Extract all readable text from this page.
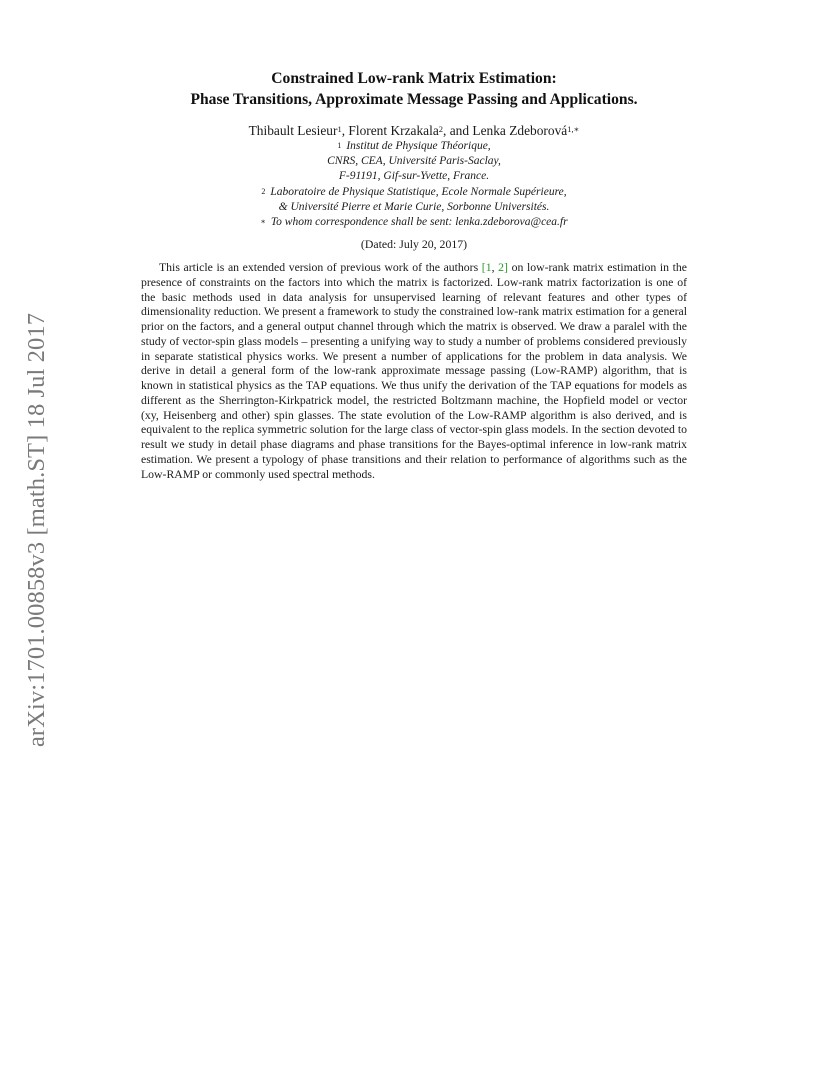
arXiv:1701.00858v3 [math.ST] 18 Jul 2017
Constrained Low-rank Matrix Estimation:
Phase Transitions, Approximate Message Passing and Applications.
Thibault Lesieur$^1$, Florent Krzakala$^2$, and Lenka Zdeborová$^{1,∗}$
$^1$ Institut de Physique Théorique,
CNRS, CEA, Université Paris-Saclay,
F-91191, Gif-sur-Yvette, France.
$^2$ Laboratoire de Physique Statistique, Ecole Normale Supérieure,
& Université Pierre et Marie Curie, Sorbonne Universités.
∗ To whom correspondence shall be sent: lenka.zdeborova@cea.fr
(Dated: July 20, 2017)
This article is an extended version of previous work of the authors [1, 2] on low-rank matrix estimation in the presence of constraints on the factors into which the matrix is factorized. Low-rank matrix factorization is one of the basic methods used in data analysis for unsupervised learning of relevant features and other types of dimensionality reduction. We present a framework to study the constrained low-rank matrix estimation for a general prior on the factors, and a general output channel through which the matrix is observed. We draw a paralel with the study of vector-spin glass models – presenting a unifying way to study a number of problems considered previously in separate statistical physics works. We present a number of applications for the problem in data analysis. We derive in detail a general form of the low-rank approximate message passing (Low-RAMP) algorithm, that is known in statistical physics as the TAP equations. We thus unify the derivation of the TAP equations for models as different as the Sherrington-Kirkpatrick model, the restricted Boltzmann machine, the Hopfield model or vector (xy, Heisenberg and other) spin glasses. The state evolution of the Low-RAMP algorithm is also derived, and is equivalent to the replica symmetric solution for the large class of vector-spin glass models. In the section devoted to result we study in detail phase diagrams and phase transitions for the Bayes-optimal inference in low-rank matrix estimation. We present a typology of phase transitions and their relation to performance of algorithms such as the Low-RAMP or commonly used spectral methods.
